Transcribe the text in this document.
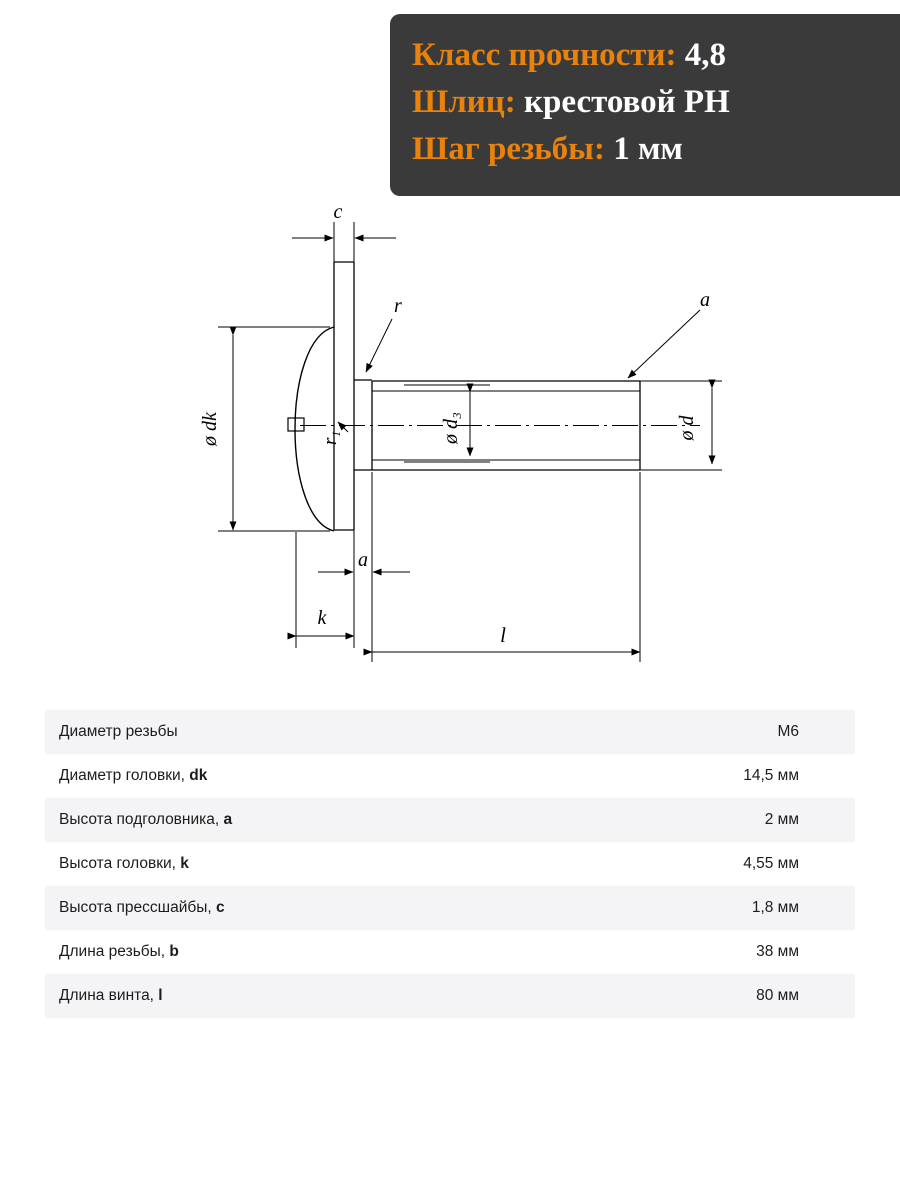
Класс прочности: 4,8
Шлиц: крестовой PH
Шаг резьбы: 1 мм
c
ø dk
r
r₁
a
ø d₃	ø d
a
k
l
Диаметр резьбы	M6
Диаметр головки, dk	14,5 мм
Высота подголовника, a	2 мм
Высота головки, k	4,55 мм
Высота прессшайбы, c	1,8 мм
Длина резьбы, b	38 мм
Длина винта, l	80 мм
